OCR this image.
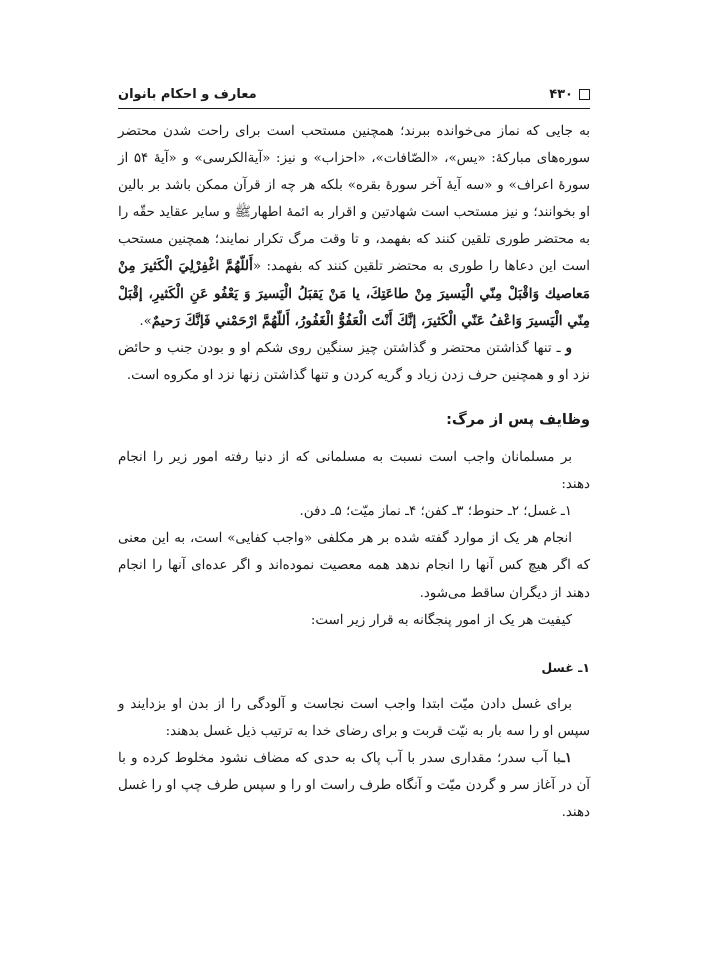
۴۳۰
معارف و احکام بانوان

به جایی که نماز می‌خوانده ببرند؛ همچنین مستحب است برای راحت شدن محتضر سوره‌های مبارکهٔ: «یس»، «الصّافات»، «احزاب» و نیز: «آیةالکرسی» و «آیهٔ ۵۴ از سورهٔ اعراف» و «سه آیهٔ آخر سورهٔ بقره» بلکه هر چه از قرآن ممکن باشد بر بالین او بخوانند؛ و نیز مستحب است شهادتین و اقرار به ائمهٔ اطهارﷺ و سایر عقاید حقّه را به محتضر طوری تلقین کنند که بفهمد، و تا وقت مرگ تکرار نمایند؛ همچنین مستحب است این دعاها را طوری به محتضر تلقین کنند که بفهمد: «أَللّهُمَّ اغْفِرْلِيَ الْكَثيرَ مِنْ مَعاصيك وَاقْبَلْ مِنّي الْيَسيرَ مِنْ طاعَتِكَ، يا مَنْ يَقبَلُ الْيَسيرَ وَ يَعْفُو عَنِ الْكَثيرِ، إقْبَلْ مِنّي الْيَسيرَ وَاعْفُ عَنّي الْكَثيرَ، إنَّكَ أَنْتَ الْعَفُوُّ الْغَفُورُ، أَللّهُمَّ ارْحَمْني فَإنَّكَ رَحيمٌ».

و ـ تنها گذاشتن محتضر و گذاشتن چیز سنگین روی شکم او و بودن جنب و حائض نزد او و همچنین حرف زدن زیاد و گریه کردن و تنها گذاشتن زنها نزد او مکروه است.

وظایف پس از مرگ:

بر مسلمانان واجب است نسبت به مسلمانی که از دنیا رفته امور زیر را انجام دهند:

۱ـ غسل؛ ۲ـ حنوط؛ ۳ـ کفن؛ ۴ـ نماز میّت؛ ۵ـ دفن.

انجام هر یک از موارد گفته شده بر هر مکلفی «واجب کفایی» است، به این معنی که اگر هیچ کس آنها را انجام ندهد همه معصیت نموده‌اند و اگر عده‌ای آنها را انجام دهند از دیگران ساقط می‌شود.

کیفیت هر یک از امور پنجگانه به قرار زیر است:

۱ـ غسل

برای غسل دادن میّت ابتدا واجب است نجاست و آلودگی را از بدن او بزدایند و سپس او را سه بار به نیّت قربت و برای رضای خدا به ترتیب ذیل غسل بدهند:

۱ـبا آب سدر؛ مقداری سدر با آب پاک به حدی که مضاف نشود مخلوط کرده و با آن در آغاز سر و گردن میّت و آنگاه طرف راست او را و سپس طرف چپ او را غسل دهند.
